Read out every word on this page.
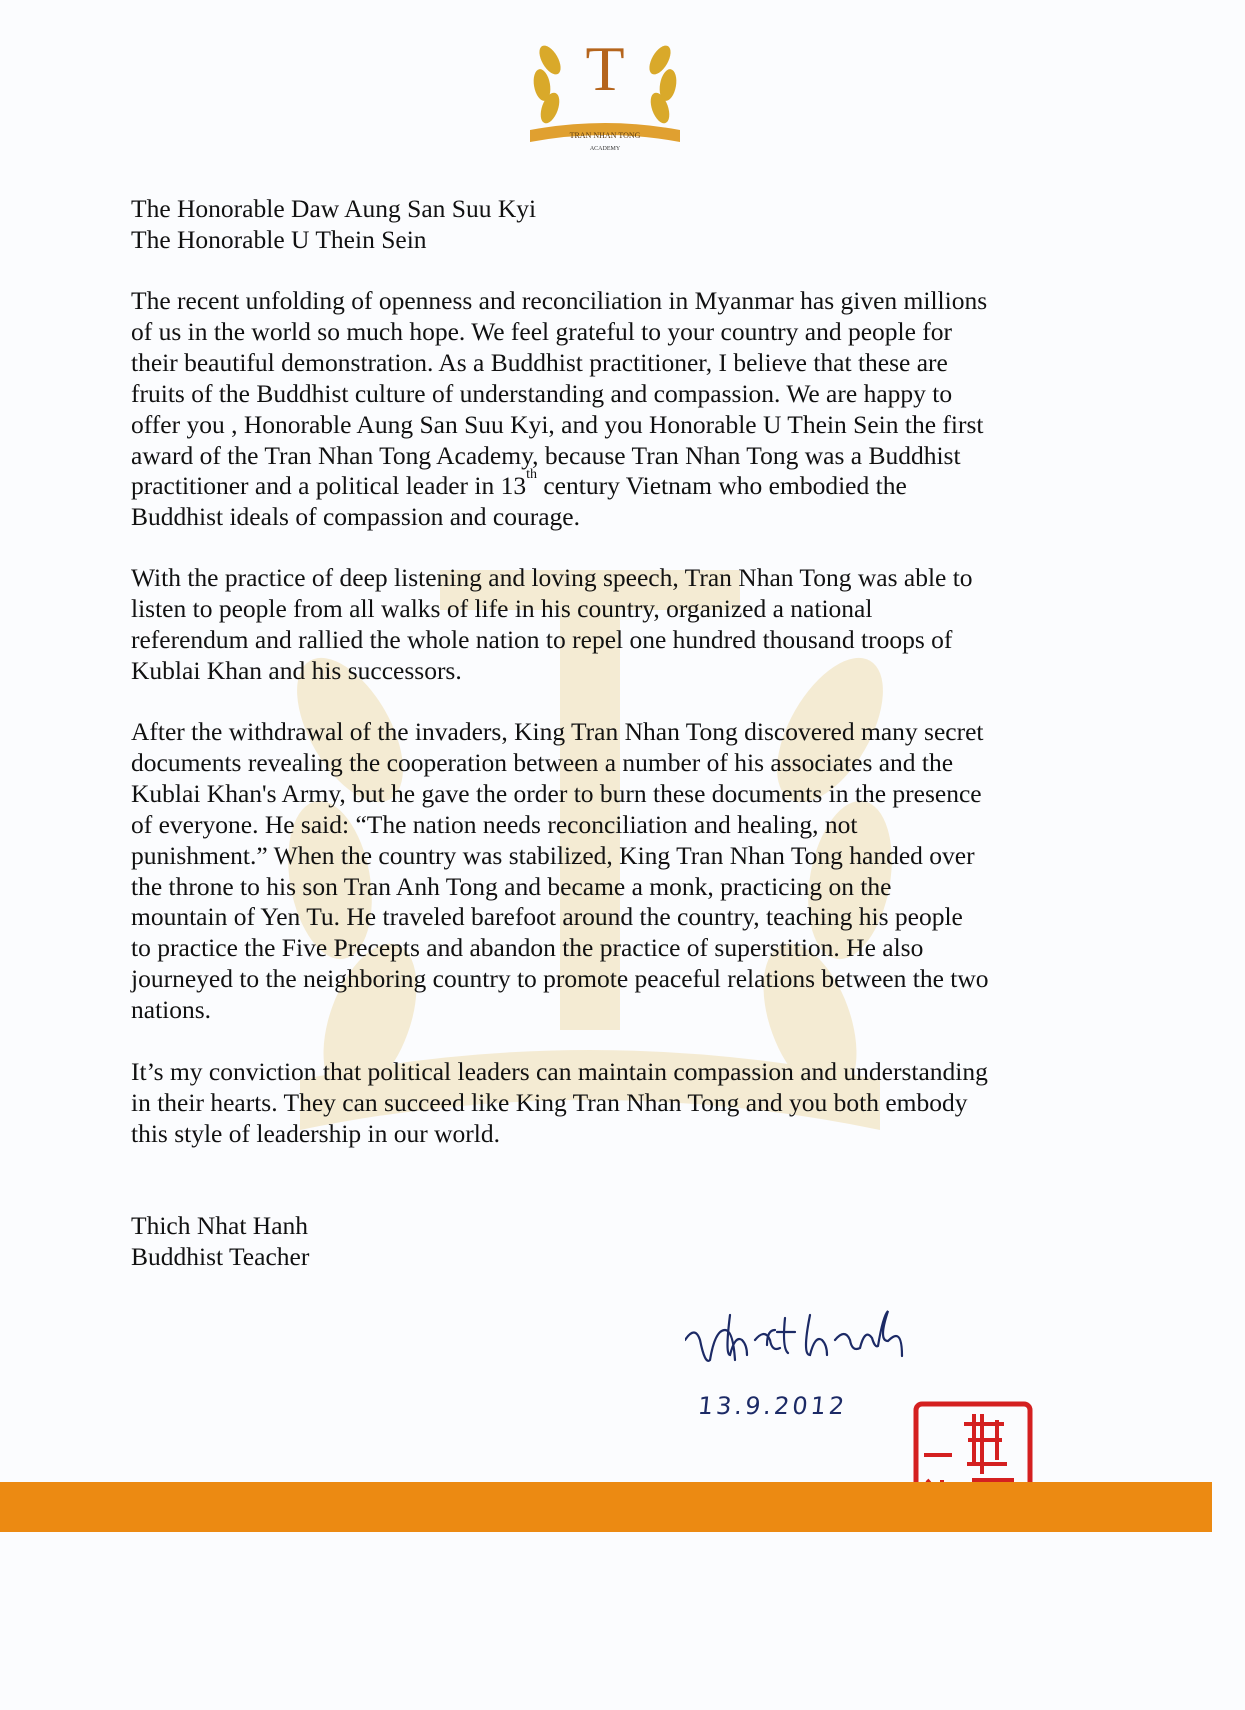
T
TRAN NHAN TONG
ACADEMY
The Honorable Daw Aung San Suu Kyi
The Honorable U Thein Sein
The recent unfolding of openness and reconciliation in Myanmar has given millions
of us in the world so much hope. We feel grateful to your country and people for
their beautiful demonstration. As a Buddhist practitioner, I believe that these are
fruits of the Buddhist culture of understanding and compassion. We are happy to
offer you , Honorable Aung San Suu Kyi, and you Honorable U Thein Sein the first
award of the Tran Nhan Tong Academy, because Tran Nhan Tong was a Buddhist
practitioner and a political leader in 13th century Vietnam who embodied the
Buddhist ideals of compassion and courage.
With the practice of deep listening and loving speech, Tran Nhan Tong was able to
listen to people from all walks of life in his country, organized a national
referendum and rallied the whole nation to repel one hundred thousand troops of
Kublai Khan and his successors.
After the withdrawal of the invaders, King Tran Nhan Tong discovered many secret
documents revealing the cooperation between a number of his associates and the
Kublai Khan's Army, but he gave the order to burn these documents in the presence
of everyone. He said: “The nation needs reconciliation and healing, not
punishment.” When the country was stabilized, King Tran Nhan Tong handed over
the throne to his son Tran Anh Tong and became a monk, practicing on the
mountain of Yen Tu. He traveled barefoot around the country, teaching his people
to practice the Five Precepts and abandon the practice of superstition. He also
journeyed to the neighboring country to promote peaceful relations between the two
nations.
It’s my conviction that political leaders can maintain compassion and understanding
in their hearts. They can succeed like King Tran Nhan Tong and you both embody
this style of leadership in our world.
Thich Nhat Hanh
Buddhist Teacher
13.9.2012
